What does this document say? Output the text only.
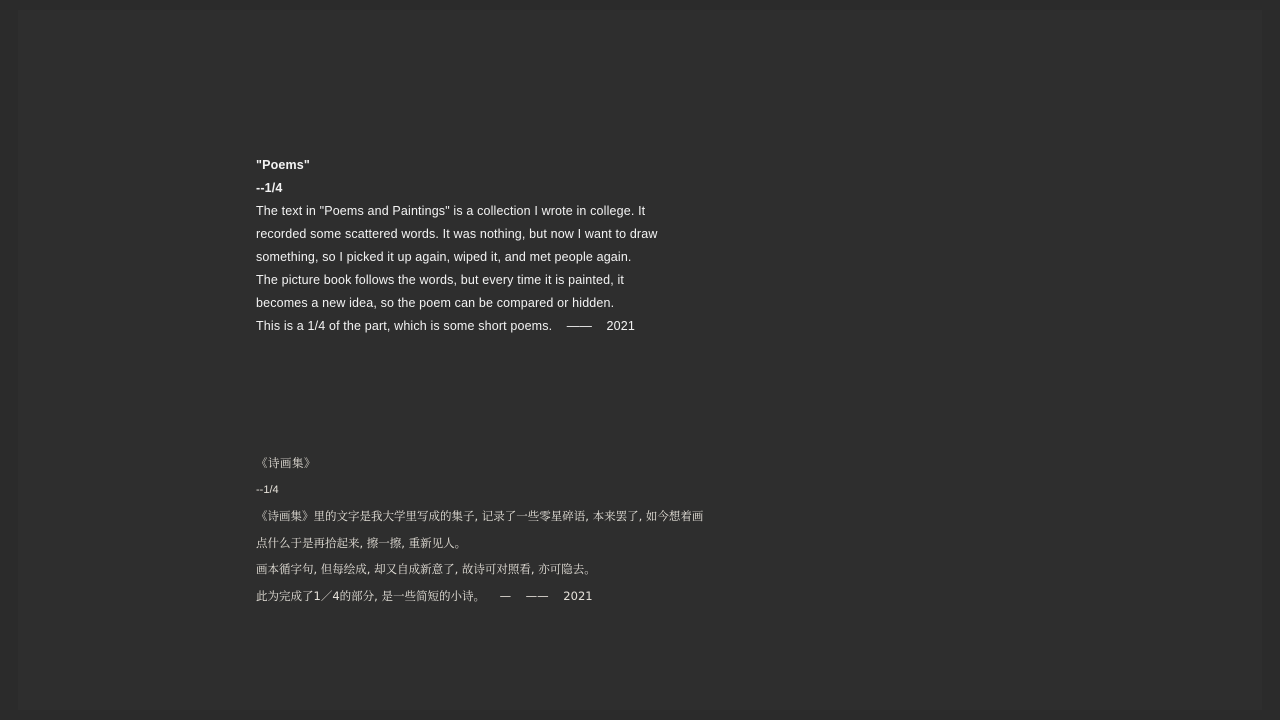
"Poems"
--1/4
The text in "Poems and Paintings" is a collection I wrote in college. It
recorded some scattered words. It was nothing, but now I want to draw
something, so I picked it up again, wiped it, and met people again.
The picture book follows the words, but every time it is painted, it
becomes a new idea, so the poem can be compared or hidden.
This is a 1/4 of the part, which is some short poems.    ——    2021
《诗画集》
--1/4
《诗画集》里的文字是我大学里写成的集子, 记录了一些零星碎语, 本来罢了, 如今想着画
点什么于是再拾起来, 擦一擦, 重新见人。
画本循字句, 但每绘成, 却又自成新意了, 故诗可对照看, 亦可隐去。
此为完成了1／4的部分, 是一些简短的小诗。    —    ——    2021
